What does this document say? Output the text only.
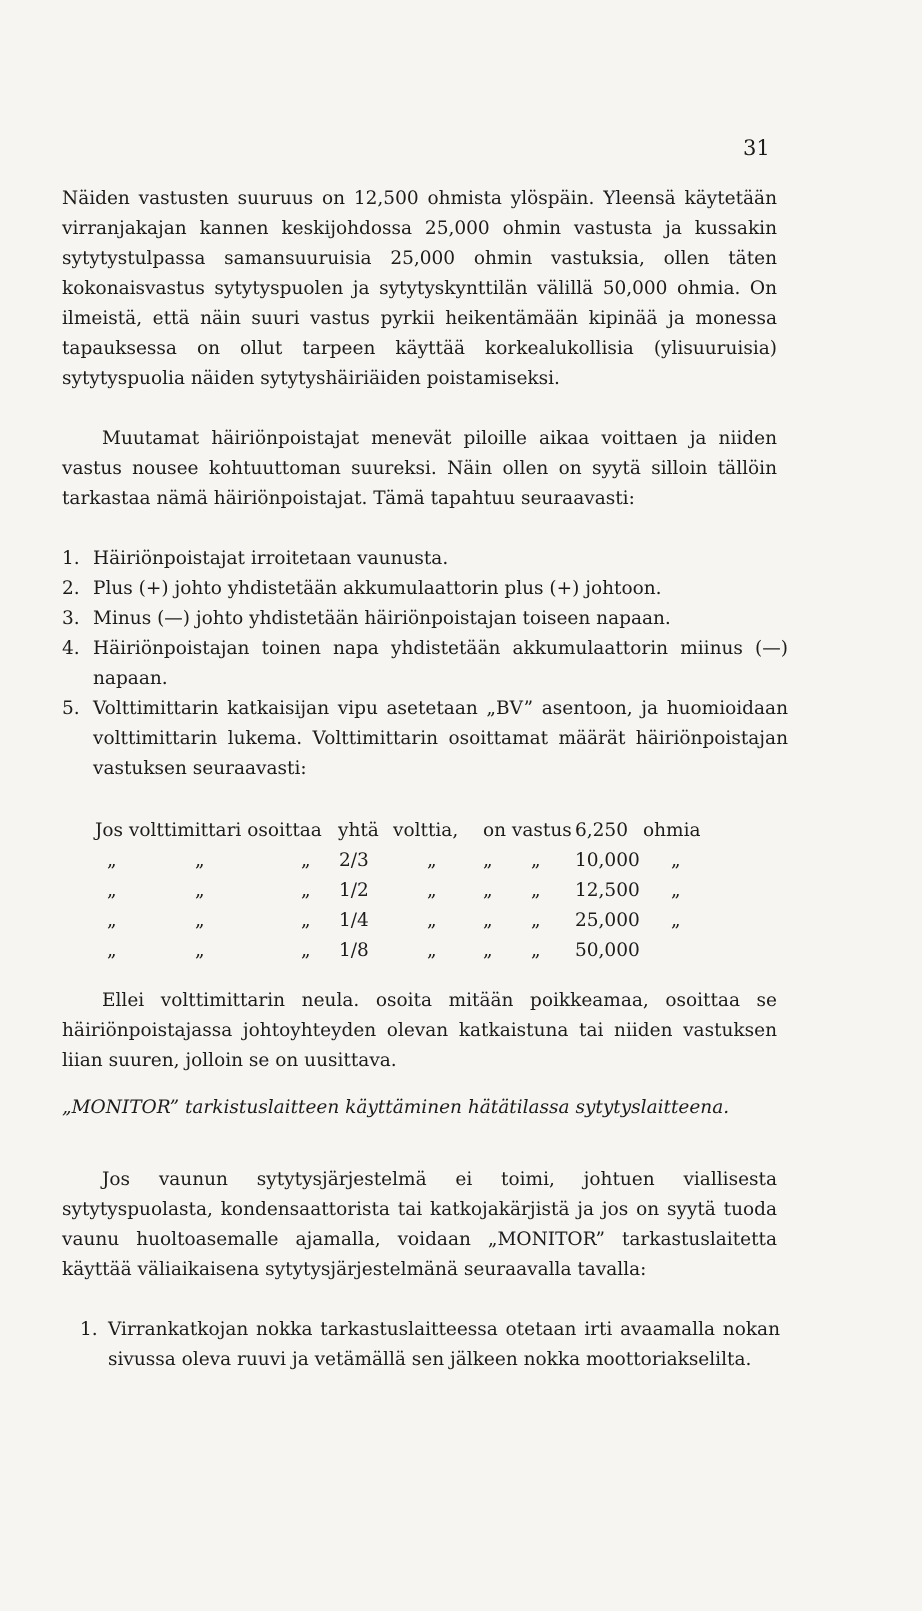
31

Näiden vastusten suuruus on 12,500 ohmista ylöspäin. Yleensä käytetään virranjakajan kannen keskijohdossa 25,000 ohmin vastusta ja kussakin sytytystulpassa samansuuruisia 25,000 ohmin vastuksia, ollen täten kokonaisvastus sytytyspuolen ja sytytyskynttilän välillä 50,000 ohmia. On ilmeistä, että näin suuri vastus pyrkii heikentämään kipinää ja monessa tapauksessa on ollut tarpeen käyttää korkealukollisia (ylisuuruisia) sytytyspuolia näiden sytytyshäiriäiden poistamiseksi.

Muutamat häiriönpoistajat menevät piloille aikaa voittaen ja niiden vastus nousee kohtuuttoman suureksi. Näin ollen on syytä silloin tällöin tarkastaa nämä häiriönpoistajat. Tämä tapahtuu seuraavasti:

1. Häiriönpoistajat irroitetaan vaunusta.
2. Plus (+) johto yhdistetään akkumulaattorin plus (+) johtoon.
3. Minus (—) johto yhdistetään häiriönpoistajan toiseen napaan.
4. Häiriönpoistajan toinen napa yhdistetään akkumulaattorin miinus (—) napaan.
5. Volttimittarin katkaisijan vipu asetetaan „BV” asentoon, ja huomioidaan volttimittarin lukema. Volttimittarin osoittamat määrät häiriönpoistajan vastuksen seuraavasti:
Jos volttimittari osoittaa yhtä volttia, on vastus 6,250 ohmia
„	„	„ 2/3	„	„ „ 10,000 „
„	„	„ 1/2	„	„ „ 12,500 „
„	„	„ 1/4	„	„ „ 25,000 „
„	„	„ 1/8	„	„ „ 50,000

Ellei volttimittarin neula. osoita mitään poikkeamaa, osoittaa se häiriönpoistajassa johtoyhteyden olevan katkaistuna tai niiden vastuksen liian suuren, jolloin se on uusittava.

„MONITOR” tarkistuslaitteen käyttäminen hätätilassa sytytyslaitteena.

Jos vaunun sytytysjärjestelmä ei toimi, johtuen viallisesta sytytyspuolasta, kondensaattorista tai katkojakärjistä ja jos on syytä tuoda vaunu huoltoasemalle ajamalla, voidaan „MONITOR” tarkastuslaitetta käyttää väliaikaisena sytytysjärjestelmänä seuraavalla tavalla:

1. Virrankatkojan nokka tarkastuslaitteessa otetaan irti avaamalla nokan sivussa oleva ruuvi ja vetämällä sen jälkeen nokka moottoriakselilta.
